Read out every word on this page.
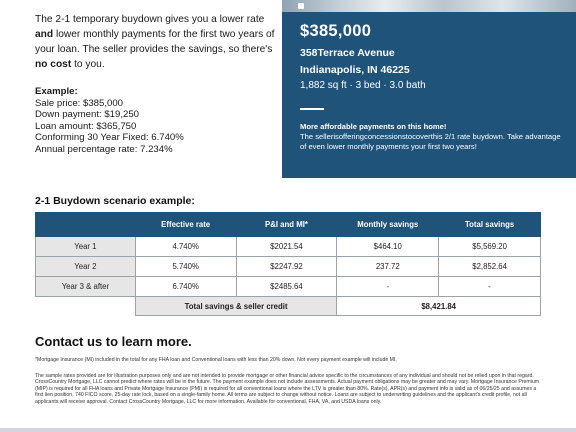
The 2-1 temporary buydown gives you a lower rate and lower monthly payments for the first two years of your loan. The seller provides the savings, so there's no cost to you.
Example:
Sale price: $385,000
Down payment: $19,250
Loan amount: $365,750
Conforming 30 Year Fixed: 6.740%
Annual percentage rate: 7.234%
$385,000
358Terrace Avenue
Indianapolis, IN 46225
1,882 sq ft · 3 bed · 3.0 bath
More affordable payments on this home!
The sellerisofferingconcessionstocoverthis 2/1 rate buydown. Take advantage of even lower monthly payments your first two years!
2-1 Buydown scenario example:
	Effective rate	P&I and MI*	Monthly savings	Total savings
Year 1	4.740%	$2021.54	$464.10	$5,569.20
Year 2	5.740%	$2247.92	237.72	$2,852.64
Year 3 & after	6.740%	$2485.64	-	-
	Total savings & seller credit		$8,421.84	
Contact us to learn more.
*Mortgage Insurance (MI) included in the total for any FHA loan and Conventional loans with less than 20% down. Not every payment example will include MI.
The sample rates provided are for illustration purposes only and are not intended to provide mortgage or other financial advice specific to the circumstances of any individual and should not be relied upon in that regard. CrossCountry Mortgage, LLC cannot predict where rates will be in the future. The payment example does not include assessments. Actual payment obligations may be greater and may vary. Mortgage Insurance Premium (MIP) is required for all FHA loans and Private Mortgage Insurance (PMI) is required for all conventional loans where the LTV is greater than 80%. Rate(s), APR(s) and payment info is valid as of 06/25/25 and assumes a first lien position, 740 FICO score, 25-day rate lock, based on a single-family home. All terms are subject to change without notice. Loans are subject to underwriting guidelines and the applicant's credit profile, not all applicants will receive approval. Contact CrossCountry Mortgage, LLC for more information. Available for conventional, FHA, VA, and USDA loans only.
